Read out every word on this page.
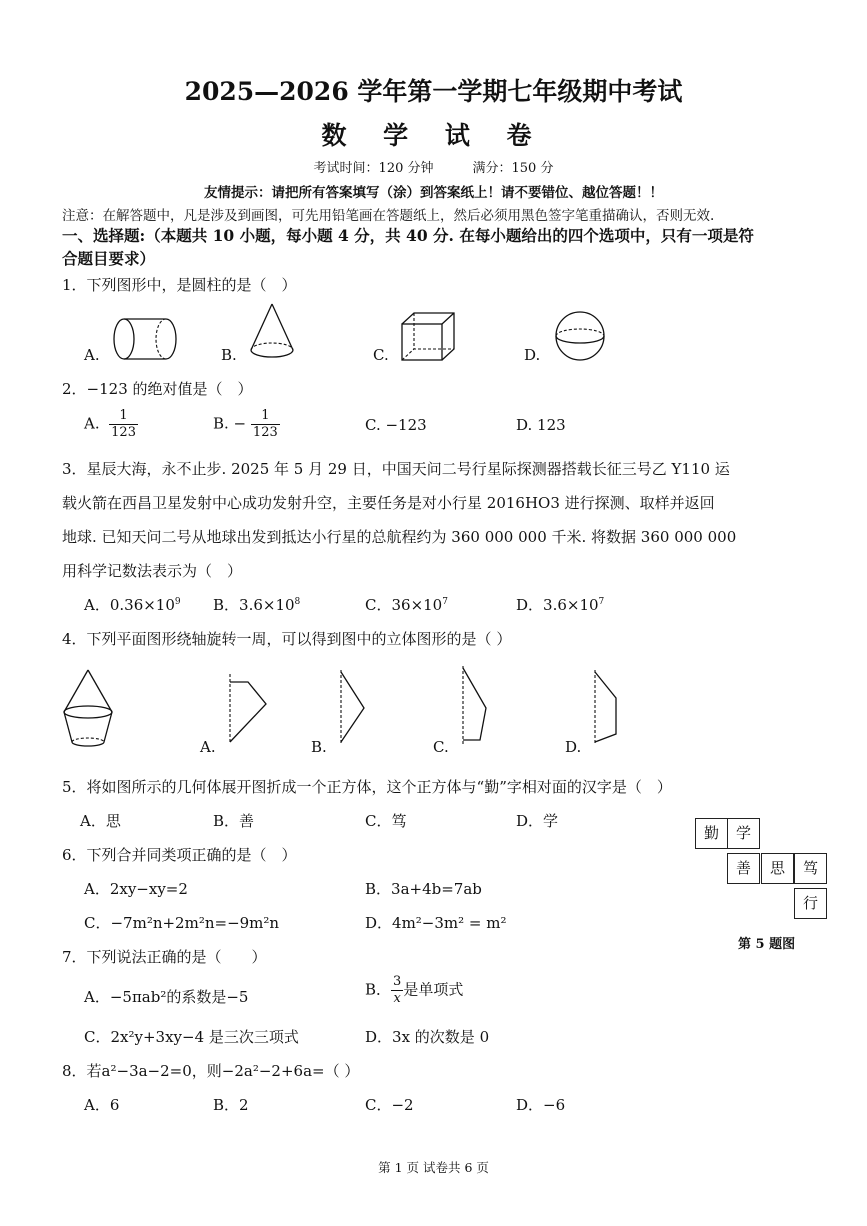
2025—2026 学年第一学期七年级期中考试
数 学 试 卷
考试时间：120 分钟　　　满分：150 分
友情提示：请把所有答案填写（涂）到答案纸上！请不要错位、越位答题！！
注意：在解答题中，凡是涉及到画图，可先用铅笔画在答题纸上，然后必须用黑色签字笔重描确认，否则无效.
一、选择题:（本题共 10 小题，每小题 4 分，共 40 分. 在每小题给出的四个选项中，只有一项是符
合题目要求）
1．下列图形中，是圆柱的是（　）
A.	B.	C.	D.
2．−123 的绝对值是（　）
A. $\frac{1}{123}$	B. − $\frac{1}{123}$	C. −123	D. 123
3．星辰大海，永不止步. 2025 年 5 月 29 日，中国天问二号行星际探测器搭载长征三号乙 Y110 运
载火箭在西昌卫星发射中心成功发射升空，主要任务是对小行星 2016HO3 进行探测、取样并返回
地球. 已知天问二号从地球出发到抵达小行星的总航程约为 360 000 000 千米. 将数据 360 000 000
用科学记数法表示为（　）
A．$0.36\times 10^9$ B．$3.6\times 10^8$	C．$36\times 10^7$	D．$3.6\times 10^7$
4．下列平面图形绕轴旋转一周，可以得到图中的立体图形的是（ ）
A.	B.	C.	D.
5．将如图所示的几何体展开图折成一个正方体，这个正方体与“勤”字相对面的汉字是（　）
A．思	B．善	C．笃	D．学
勤	学
善	思	笃
行
第 5 题图
6．下列合并同类项正确的是（　）
A．2xy−xy=2	B．3a+4b=7ab
C．−7m²n+2m²n=−9m²n	D．4m²−3m² = m²
7．下列说法正确的是（　　）
A．−5πab²的系数是−5	B． $\frac{3}{x}$ 是单项式
C．2x²y+3xy−4 是三次三项式	D．3x 的次数是 0
8．若a²−3a−2=0，则−2a²−2+6a=（ ）
A．6	B．2	C．−2	D．−6
第 1 页 试卷共 6 页
